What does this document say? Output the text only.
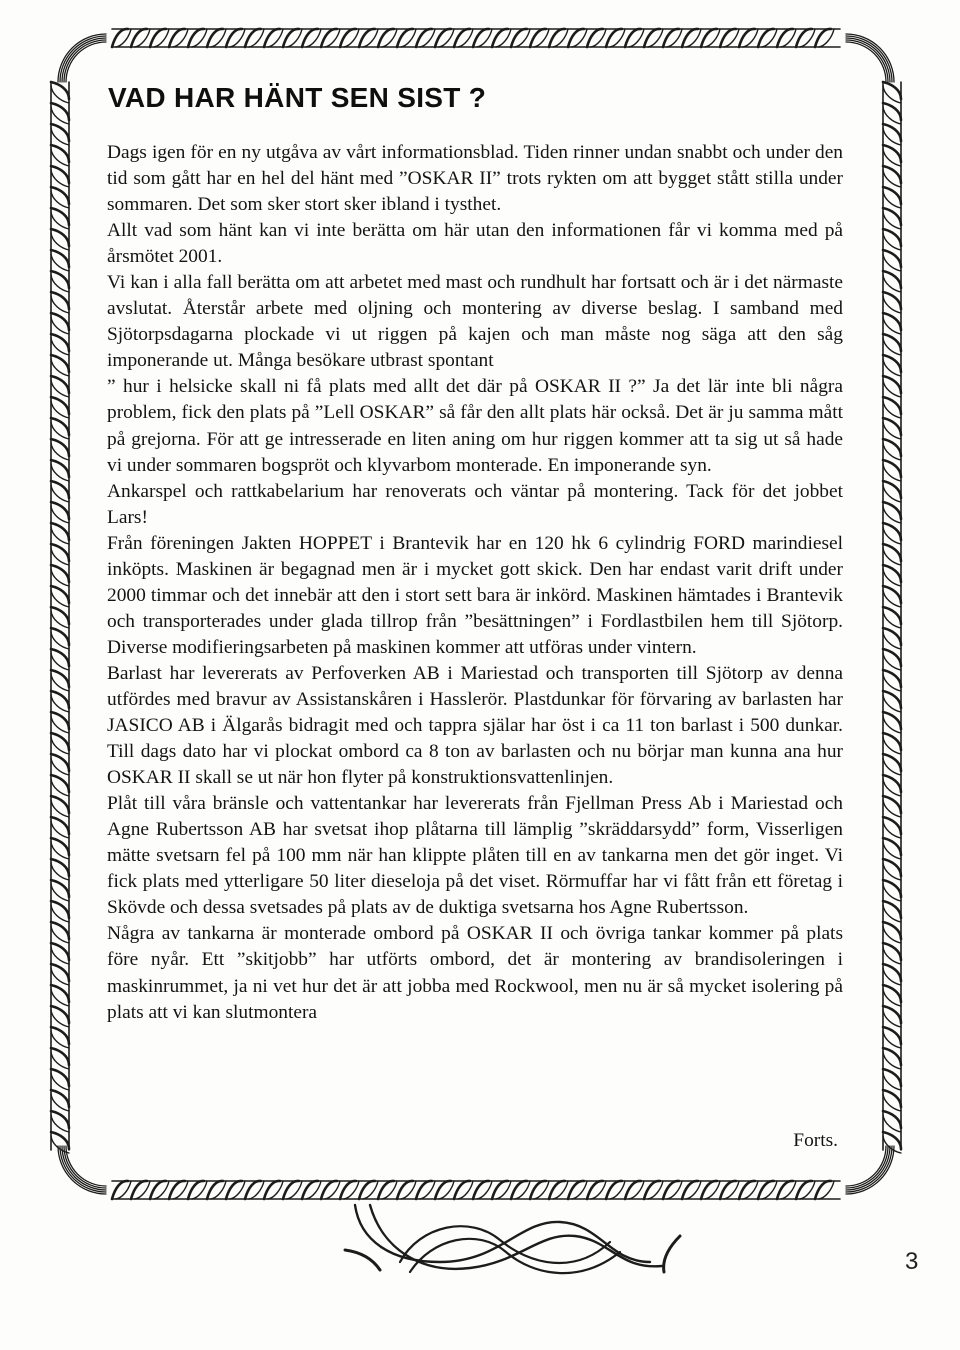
VAD HAR HÄNT SEN SIST ?

Dags igen för en ny utgåva av vårt informationsblad. Tiden rinner undan snabbt och under den tid som gått har en hel del hänt med ”OSKAR II” trots rykten om att bygget stått stilla under sommaren. Det som sker stort sker ibland i tysthet.

Allt vad som hänt kan vi inte berätta om här utan den informationen får vi komma med på årsmötet 2001.

Vi kan i alla fall berätta om att arbetet med mast och rundhult har fortsatt och är i det närmaste avslutat. Återstår arbete med oljning och montering av diverse beslag. I samband med Sjötorpsdagarna plockade vi ut riggen på kajen och man måste nog säga att den såg imponerande ut. Många besökare utbrast spontant

” hur i helsicke skall ni få plats med allt det där på OSKAR II ?” Ja det lär inte bli några problem, fick den plats på ”Lell OSKAR” så får den allt plats här också. Det är ju samma mått på grejorna. För att ge intresserade en liten aning om hur riggen kommer att ta sig ut så hade vi under sommaren bogspröt och klyvarbom monterade. En imponerande syn.

Ankarspel och rattkabelarium har renoverats och väntar på montering. Tack för det jobbet Lars!

Från föreningen Jakten HOPPET i Brantevik har en 120 hk 6 cylindrig FORD marindiesel inköpts. Maskinen är begagnad men är i mycket gott skick. Den har endast varit drift under 2000 timmar och det innebär att den i stort sett bara är inkörd. Maskinen hämtades i Brantevik och transporterades under glada tillrop från ”besättningen” i Fordlastbilen hem till Sjötorp. Diverse modifieringsarbeten på maskinen kommer att utföras under vintern.

Barlast har levererats av Perfoverken AB i Mariestad och transporten till Sjötorp av denna utfördes med bravur av Assistanskåren i Hasslerör. Plastdunkar för förvaring av barlasten har JASICO AB i Älgarås bidragit med och tappra själar har öst i ca 11 ton barlast i 500 dunkar. Till dags dato har vi plockat ombord ca 8 ton av barlasten och nu börjar man kunna ana hur OSKAR II skall se ut när hon flyter på konstruktionsvattenlinjen.

Plåt till våra bränsle och vattentankar har levererats från Fjellman Press Ab i Mariestad och Agne Rubertsson AB har svetsat ihop plåtarna till lämplig ”skräddarsydd” form, Visserligen mätte svetsarn fel på 100 mm när han klippte plåten till en av tankarna men det gör inget. Vi fick plats med ytterligare 50 liter dieseloja på det viset. Rörmuffar har vi fått från ett företag i Skövde och dessa svetsades på plats av de duktiga svetsarna hos Agne Rubertsson.

Några av tankarna är monterade ombord på OSKAR II och övriga tankar kommer på plats före nyår. Ett ”skitjobb” har utförts ombord, det är montering av brandisoleringen i maskinrummet, ja ni vet hur det är att jobba med Rockwool, men nu är så mycket isolering på plats att vi kan slutmontera

Forts.
3
